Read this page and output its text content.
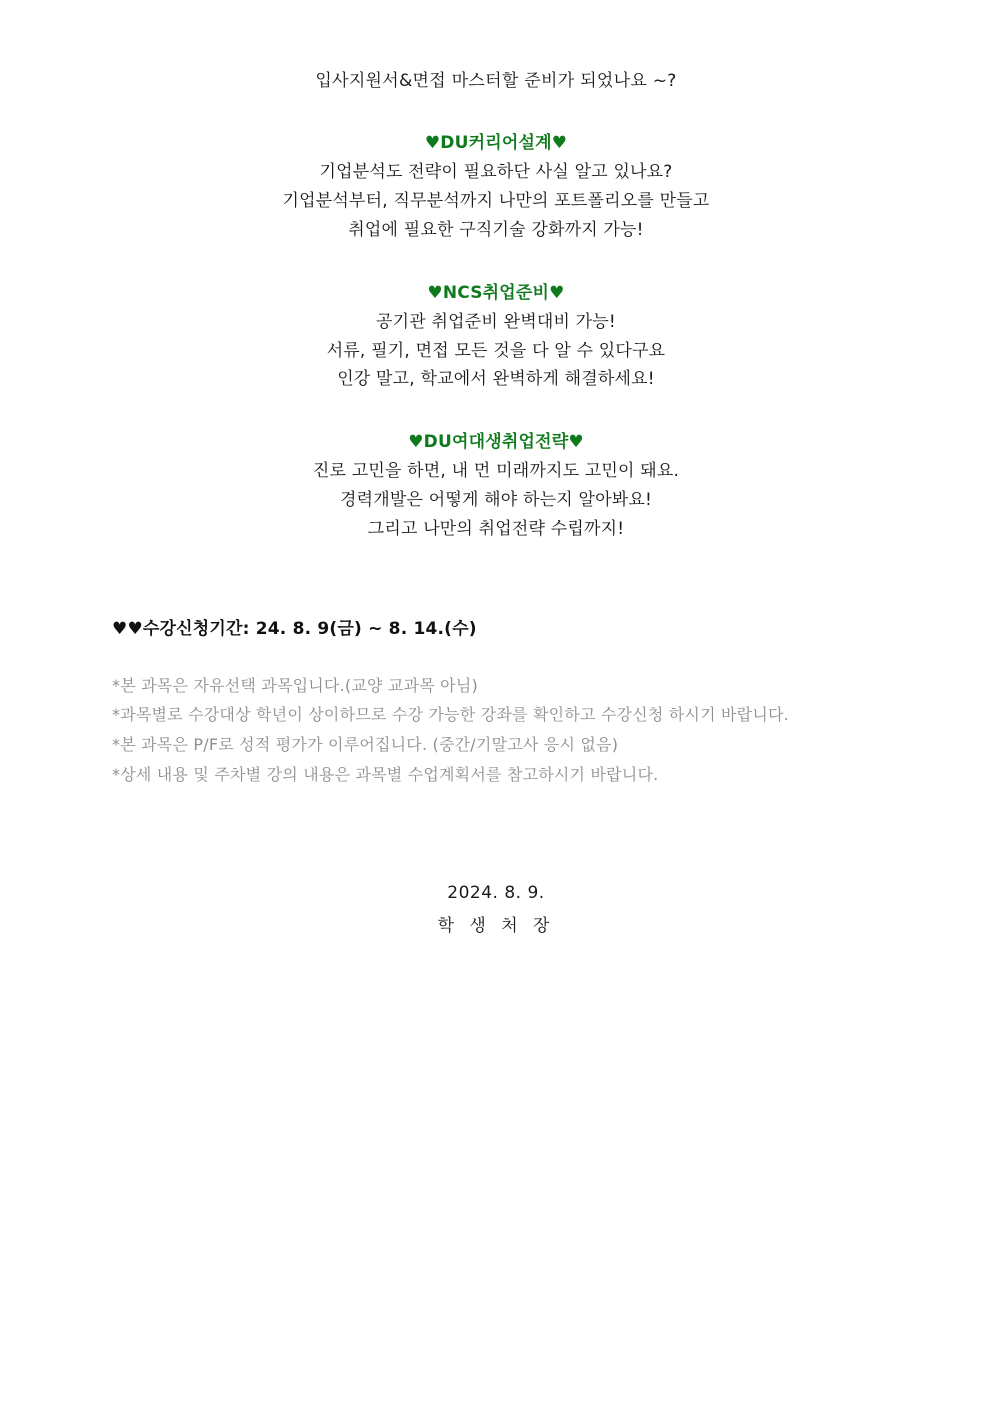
입사지원서&면접 마스터할 준비가 되었나요 ~?
♥DU커리어설계♥
기업분석도 전략이 필요하단 사실 알고 있나요?
기업분석부터, 직무분석까지 나만의 포트폴리오를 만들고
취업에 필요한 구직기술 강화까지 가능!
♥NCS취업준비♥
공기관 취업준비 완벽대비 가능!
서류, 필기, 면접 모든 것을 다 알 수 있다구요
인강 말고, 학교에서 완벽하게 해결하세요!
♥DU여대생취업전략♥
진로 고민을 하면, 내 먼 미래까지도 고민이 돼요.
경력개발은 어떻게 해야 하는지 알아봐요!
그리고 나만의 취업전략 수립까지!
♥♥수강신청기간: 24. 8. 9(금) ~ 8. 14.(수)
*본 과목은 자유선택 과목입니다.(교양 교과목 아님)
*과목별로 수강대상 학년이 상이하므로 수강 가능한 강좌를 확인하고 수강신청 하시기 바랍니다.
*본 과목은 P/F로 성적 평가가 이루어집니다. (중간/기말고사 응시 없음)
*상세 내용 및 주차별 강의 내용은 과목별 수업계획서를 참고하시기 바랍니다.
2024. 8. 9.
학 생 처 장
